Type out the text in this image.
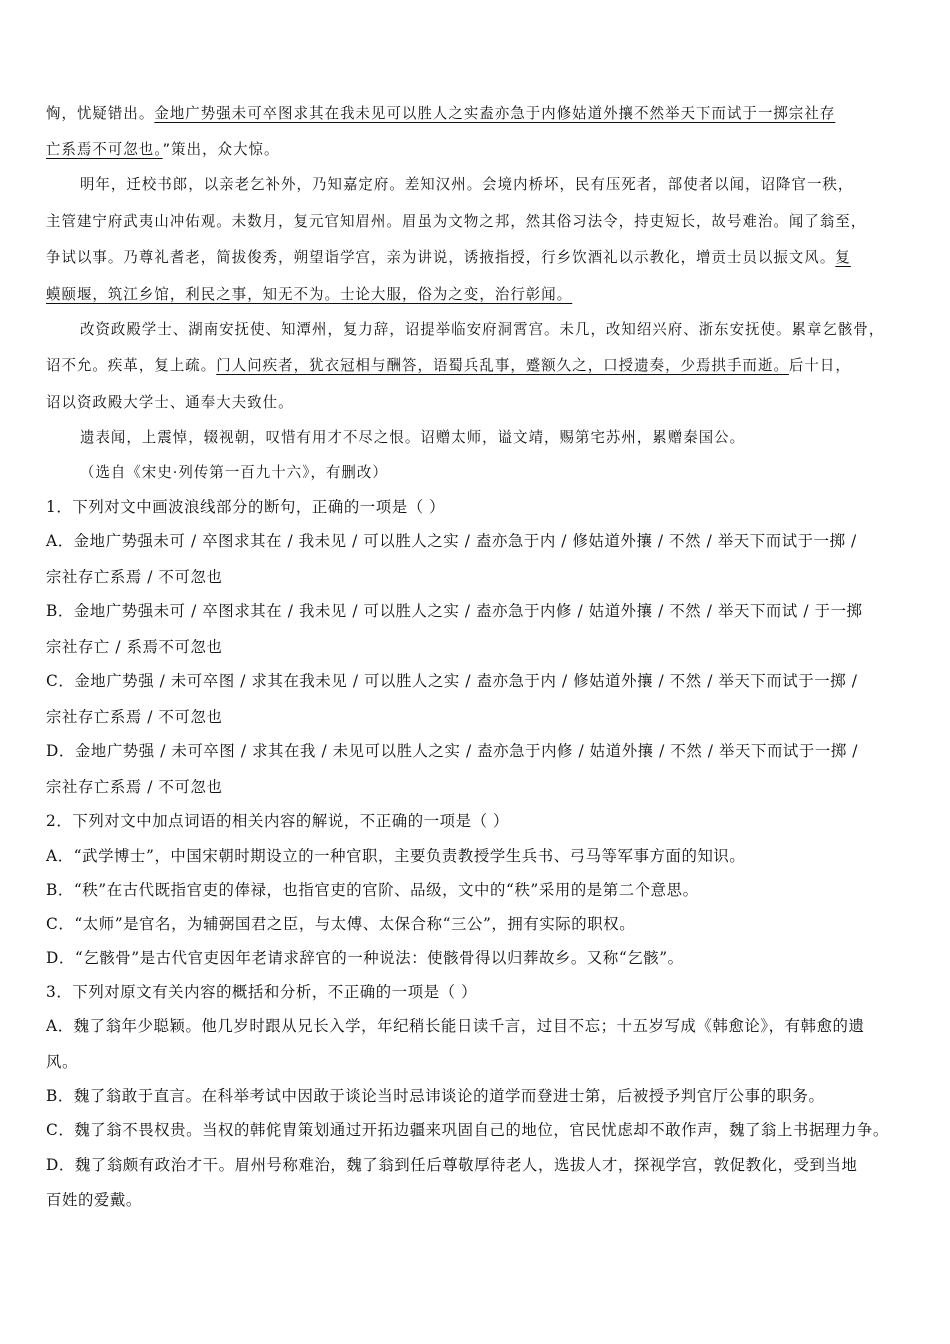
恟，忧疑错出。金地广势强未可卒图求其在我未见可以胜人之实盍亦急于内修姑道外攘不然举天下而试于一掷宗社存
亡系焉不可忽也。”策出，众大惊。
明年，迁校书郎，以亲老乞补外，乃知嘉定府。差知汉州。会境内桥坏，民有压死者，部使者以闻，诏降官一秩，
主管建宁府武夷山冲佑观。未数月，复元官知眉州。眉虽为文物之邦，然其俗习法令，持吏短长，故号难治。闻了翁至，
争试以事。乃尊礼耆老，简拔俊秀，朔望诣学宫，亲为讲说，诱掖指授，行乡饮酒礼以示教化，增贡士员以振文风。复
蟆颐堰，筑江乡馆，利民之事，知无不为。士论大服，俗为之变，治行彰闻。
改资政殿学士、湖南安抚使、知潭州，复力辞，诏提举临安府洞霄宫。未几，改知绍兴府、浙东安抚使。累章乞骸骨，
诏不允。疾革，复上疏。门人问疾者，犹衣冠相与酬答，语蜀兵乱事，蹙额久之，口授遗奏，少焉拱手而逝。后十日，
诏以资政殿大学士、通奉大夫致仕。
遗表闻，上震悼，辍视朝，叹惜有用才不尽之恨。诏赠太师，谥文靖，赐第宅苏州，累赠秦国公。
（选自《宋史·列传第一百九十六》，有删改）
1．下列对文中画波浪线部分的断句，正确的一项是（ ）
A．金地广势强未可 / 卒图求其在 / 我未见 / 可以胜人之实 / 盍亦急于内 / 修姑道外攘 / 不然 / 举天下而试于一掷 /
宗社存亡系焉 / 不可忽也
B．金地广势强未可 / 卒图求其在 / 我未见 / 可以胜人之实 / 盍亦急于内修 / 姑道外攘 / 不然 / 举天下而试 / 于一掷
宗社存亡 / 系焉不可忽也
C．金地广势强 / 未可卒图 / 求其在我未见 / 可以胜人之实 / 盍亦急于内 / 修姑道外攘 / 不然 / 举天下而试于一掷 /
宗社存亡系焉 / 不可忽也
D．金地广势强 / 未可卒图 / 求其在我 / 未见可以胜人之实 / 盍亦急于内修 / 姑道外攘 / 不然 / 举天下而试于一掷 /
宗社存亡系焉 / 不可忽也
2．下列对文中加点词语的相关内容的解说，不正确的一项是（ ）
A．“武学博士”，中国宋朝时期设立的一种官职，主要负责教授学生兵书、弓马等军事方面的知识。
B．“秩”在古代既指官吏的俸禄，也指官吏的官阶、品级，文中的“秩”采用的是第二个意思。
C．“太师”是官名，为辅弼国君之臣，与太傅、太保合称“三公”，拥有实际的职权。
D．“乞骸骨”是古代官吏因年老请求辞官的一种说法：使骸骨得以归葬故乡。又称“乞骸”。
3．下列对原文有关内容的概括和分析，不正确的一项是（ ）
A．魏了翁年少聪颖。他几岁时跟从兄长入学，年纪稍长能日读千言，过目不忘；十五岁写成《韩愈论》，有韩愈的遗
风。
B．魏了翁敢于直言。在科举考试中因敢于谈论当时忌讳谈论的道学而登进士第，后被授予判官厅公事的职务。
C．魏了翁不畏权贵。当权的韩侂胄策划通过开拓边疆来巩固自己的地位，官民忧虑却不敢作声，魏了翁上书据理力争。
D．魏了翁颇有政治才干。眉州号称难治，魏了翁到任后尊敬厚待老人，选拔人才，探视学宫，敦促教化，受到当地
百姓的爱戴。
